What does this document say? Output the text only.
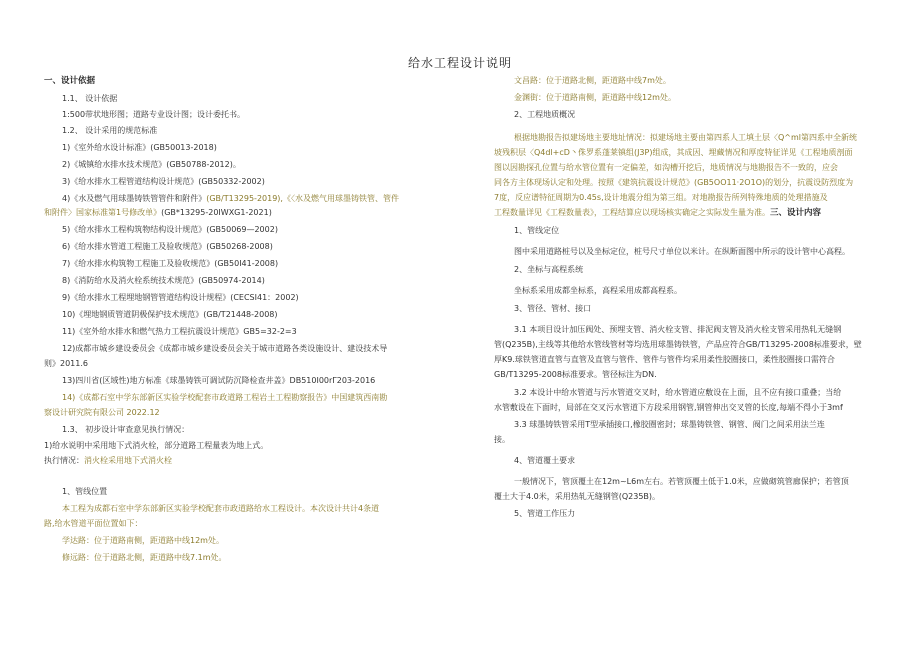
给水工程设计说明

一、设计依据

1.1、 设计依据

1:500带状地形图；道路专业设计图；设计委托书。

1.2、 设计采用的规范标准

1)《室外给水设计标准》(GB50013-2018)

2)《城镇给水排水技术规范》(GB50788-2012)。

3)《给水排水工程管道结构设计规范》(GB50332-2002)

4)《水及燃气用球墨铸铁管管件和附件》(GB/T13295-2019),《〈水及燃气用球墨铸铁管、管件

和附件〉国家标准第1号修改单》(GB*13295-20IWXG1-2021)

5)《给水排水工程构筑物结构设计规范》(GB50069—2002)

6)《给水排水管道工程施工及验收规范》(GB50268-2008)

7)《给水排水构筑物工程施工及验收规范》(GB50I41-2008)

8)《消防给水及消火栓系统技术规范》(GB50974-2014)

9)《给水排水工程埋地钢管管道结构设计规程》(CECSI41：2002)

10)《埋地钢质管道阴极保护技术规范》(GB/T21448-2008)

11)《室外给水排水和燃气热力工程抗震设计规范》GB5=32-2=3

12)成都市城乡建设委员会《成都市城乡建设委员会关于城市道路各类设施设计、建设技术导

则》2011.6

13)四川省(区域性)地方标准《球墨铸铁可调试防沉降检查井盖》DB510I00rΓ203-2016

14)《成都石室中学东部新区实验学校配套市政道路工程岩土工程勘察报告》中国建筑西南勘

察设计研究院有限公司 2022.12

1.3、 初步设计审查意见执行情况：

1)给水说明中采用地下式消火栓，部分道路工程量表为地上式。

执行情况：消火栓采用地下式消火栓

1、管线位置

本工程为成都石室中学东部新区实验学校配套市政道路给水工程设计。本次设计共计4条道

路,给水管道平面位置如下：

学达路：位于道路南侧，距道路中线12m处。

修远路：位于道路北侧，距道路中线7.1m处。

文昌路：位于道路北侧，距道路中线7m处。

金渊街：位于道路南侧，距道路中线12m处。

2、工程地质概况

根据地勘报告拟建场地主要地址情况：拟建场地主要由第四系人工填土层〈Q^ml第四系中全新统

坡残积层〈Q4dl+cD丶侏罗系蓬莱镇组(J3P)组成，其成因、埋藏情况和厚度特征详见《工程地质剖面

图以因勘探孔位置与给水管位置有一定偏差，如沟槽开挖后，地质情况与地勘报告不一致的，应会

同各方主体现场认定和处理。按照《建筑抗震设计规范》(GB5OO11·2O1O)的划分，抗震设防烈度为

7度，反应谱特征周期为0.45s,设计地震分组为第三组。对地勘报告所列特殊地质的处理措施及

工程数量详见《工程数量表》，工程结算应以现场核实确定之实际发生量为准。三、设计内容

1、管线定位

图中采用道路桩号以及坐标定位，桩号尺寸单位以米计。在纵断面图中所示的设计管中心高程。

2、坐标与高程系统

坐标系采用成都坐标系，高程采用成都高程系。

3、管径、管材、接口

3.1 本项目设计加压阀处、预埋支管、消火栓支管、排泥阀支管及消火栓支管采用热轧无缝钢

管(Q235B),主线等其他给水管线管材等均选用球墨铸铁管，产品应符合GB/T13295-2008标准要求，壁

厚K9.球铁管道直管与直管及直管与管件、管件与管件均采用柔性胶圈接口，柔性胶圈接口需符合

GB/T13295-2008标准要求。管径标注为DN.

3.2 本设计中给水管道与污水管道交叉时，给水管道应敷设在上面，且不应有接口重叠；当给

水管敷设在下面时，局部在交叉污水管道下方段采用钢管,钢管伸出交叉管的长度,每端不得小于3mf

3.3 球墨铸铁管采用T型承插接口,橡胶圈密封；球墨铸铁管、钢管、阀门之间采用法兰连

接。

4、管道覆土要求

一般情况下，管顶覆土在12m~L6m左右。若管顶覆土低于1.0米，应做砌筑管廊保护；若管顶

覆土大于4.0米，采用热轧无缝钢管(Q235B)。

5、管道工作压力
